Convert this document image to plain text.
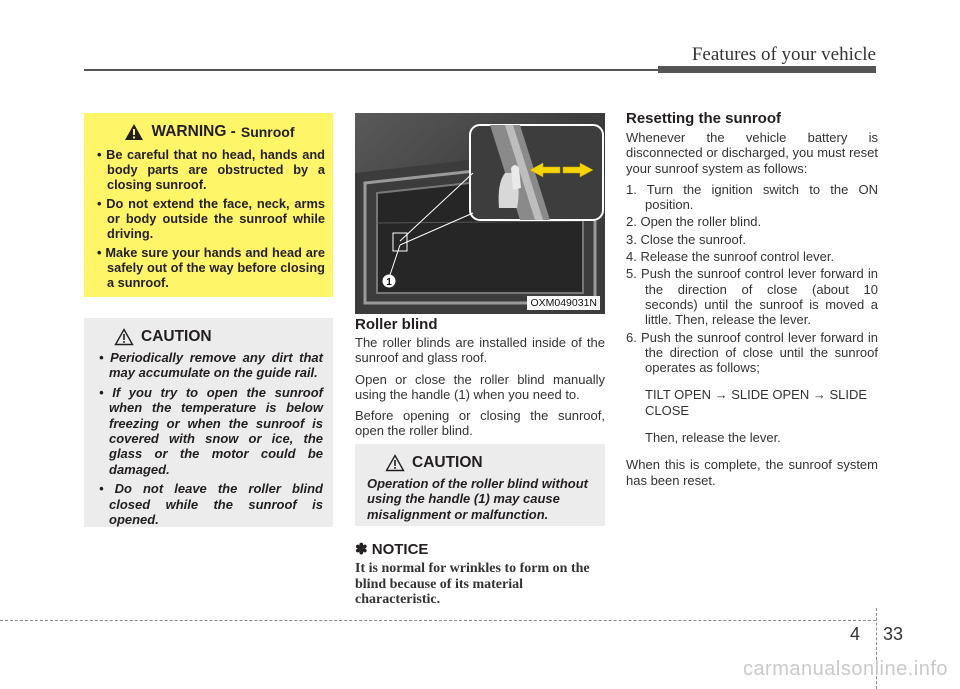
Features of your vehicle
WARNING - Sunroof
• Be careful that no head, hands and body parts are obstructed by a closing sunroof.
• Do not extend the face, neck, arms or body outside the sunroof while driving.
• Make sure your hands and head are safely out of the way before closing a sunroof.
CAUTION
• Periodically remove any dirt that may accumulate on the guide rail.
• If you try to open the sunroof when the temperature is below freezing or when the sunroof is covered with snow or ice, the glass or the motor could be damaged.
• Do not leave the roller blind closed while the sunroof is opened.
1
OXM049031N
Roller blind

The roller blinds are installed inside of the sunroof and glass roof.

Open or close the roller blind manually using the handle (1) when you need to.

Before opening or closing the sunroof, open the roller blind.

CAUTION

Operation of the roller blind without using the handle (1) may cause misalignment or malfunction.

✽ NOTICE
It is normal for wrinkles to form on the blind because of its material characteristic.
Resetting the sunroof

Whenever the vehicle battery is disconnected or discharged, you must reset your sunroof system as follows:

1. Turn the ignition switch to the ON position.
2. Open the roller blind.
3. Close the sunroof.
4. Release the sunroof control lever.
5. Push the sunroof control lever forward in the direction of close (about 10 seconds) until the sunroof is moved a little. Then, release the lever.
6. Push the sunroof control lever forward in the direction of close until the sunroof operates as follows;
TILT OPEN → SLIDE OPEN → SLIDE CLOSE
Then, release the lever.

When this is complete, the sunroof system has been reset.

4 33
carmanualsonline.info
